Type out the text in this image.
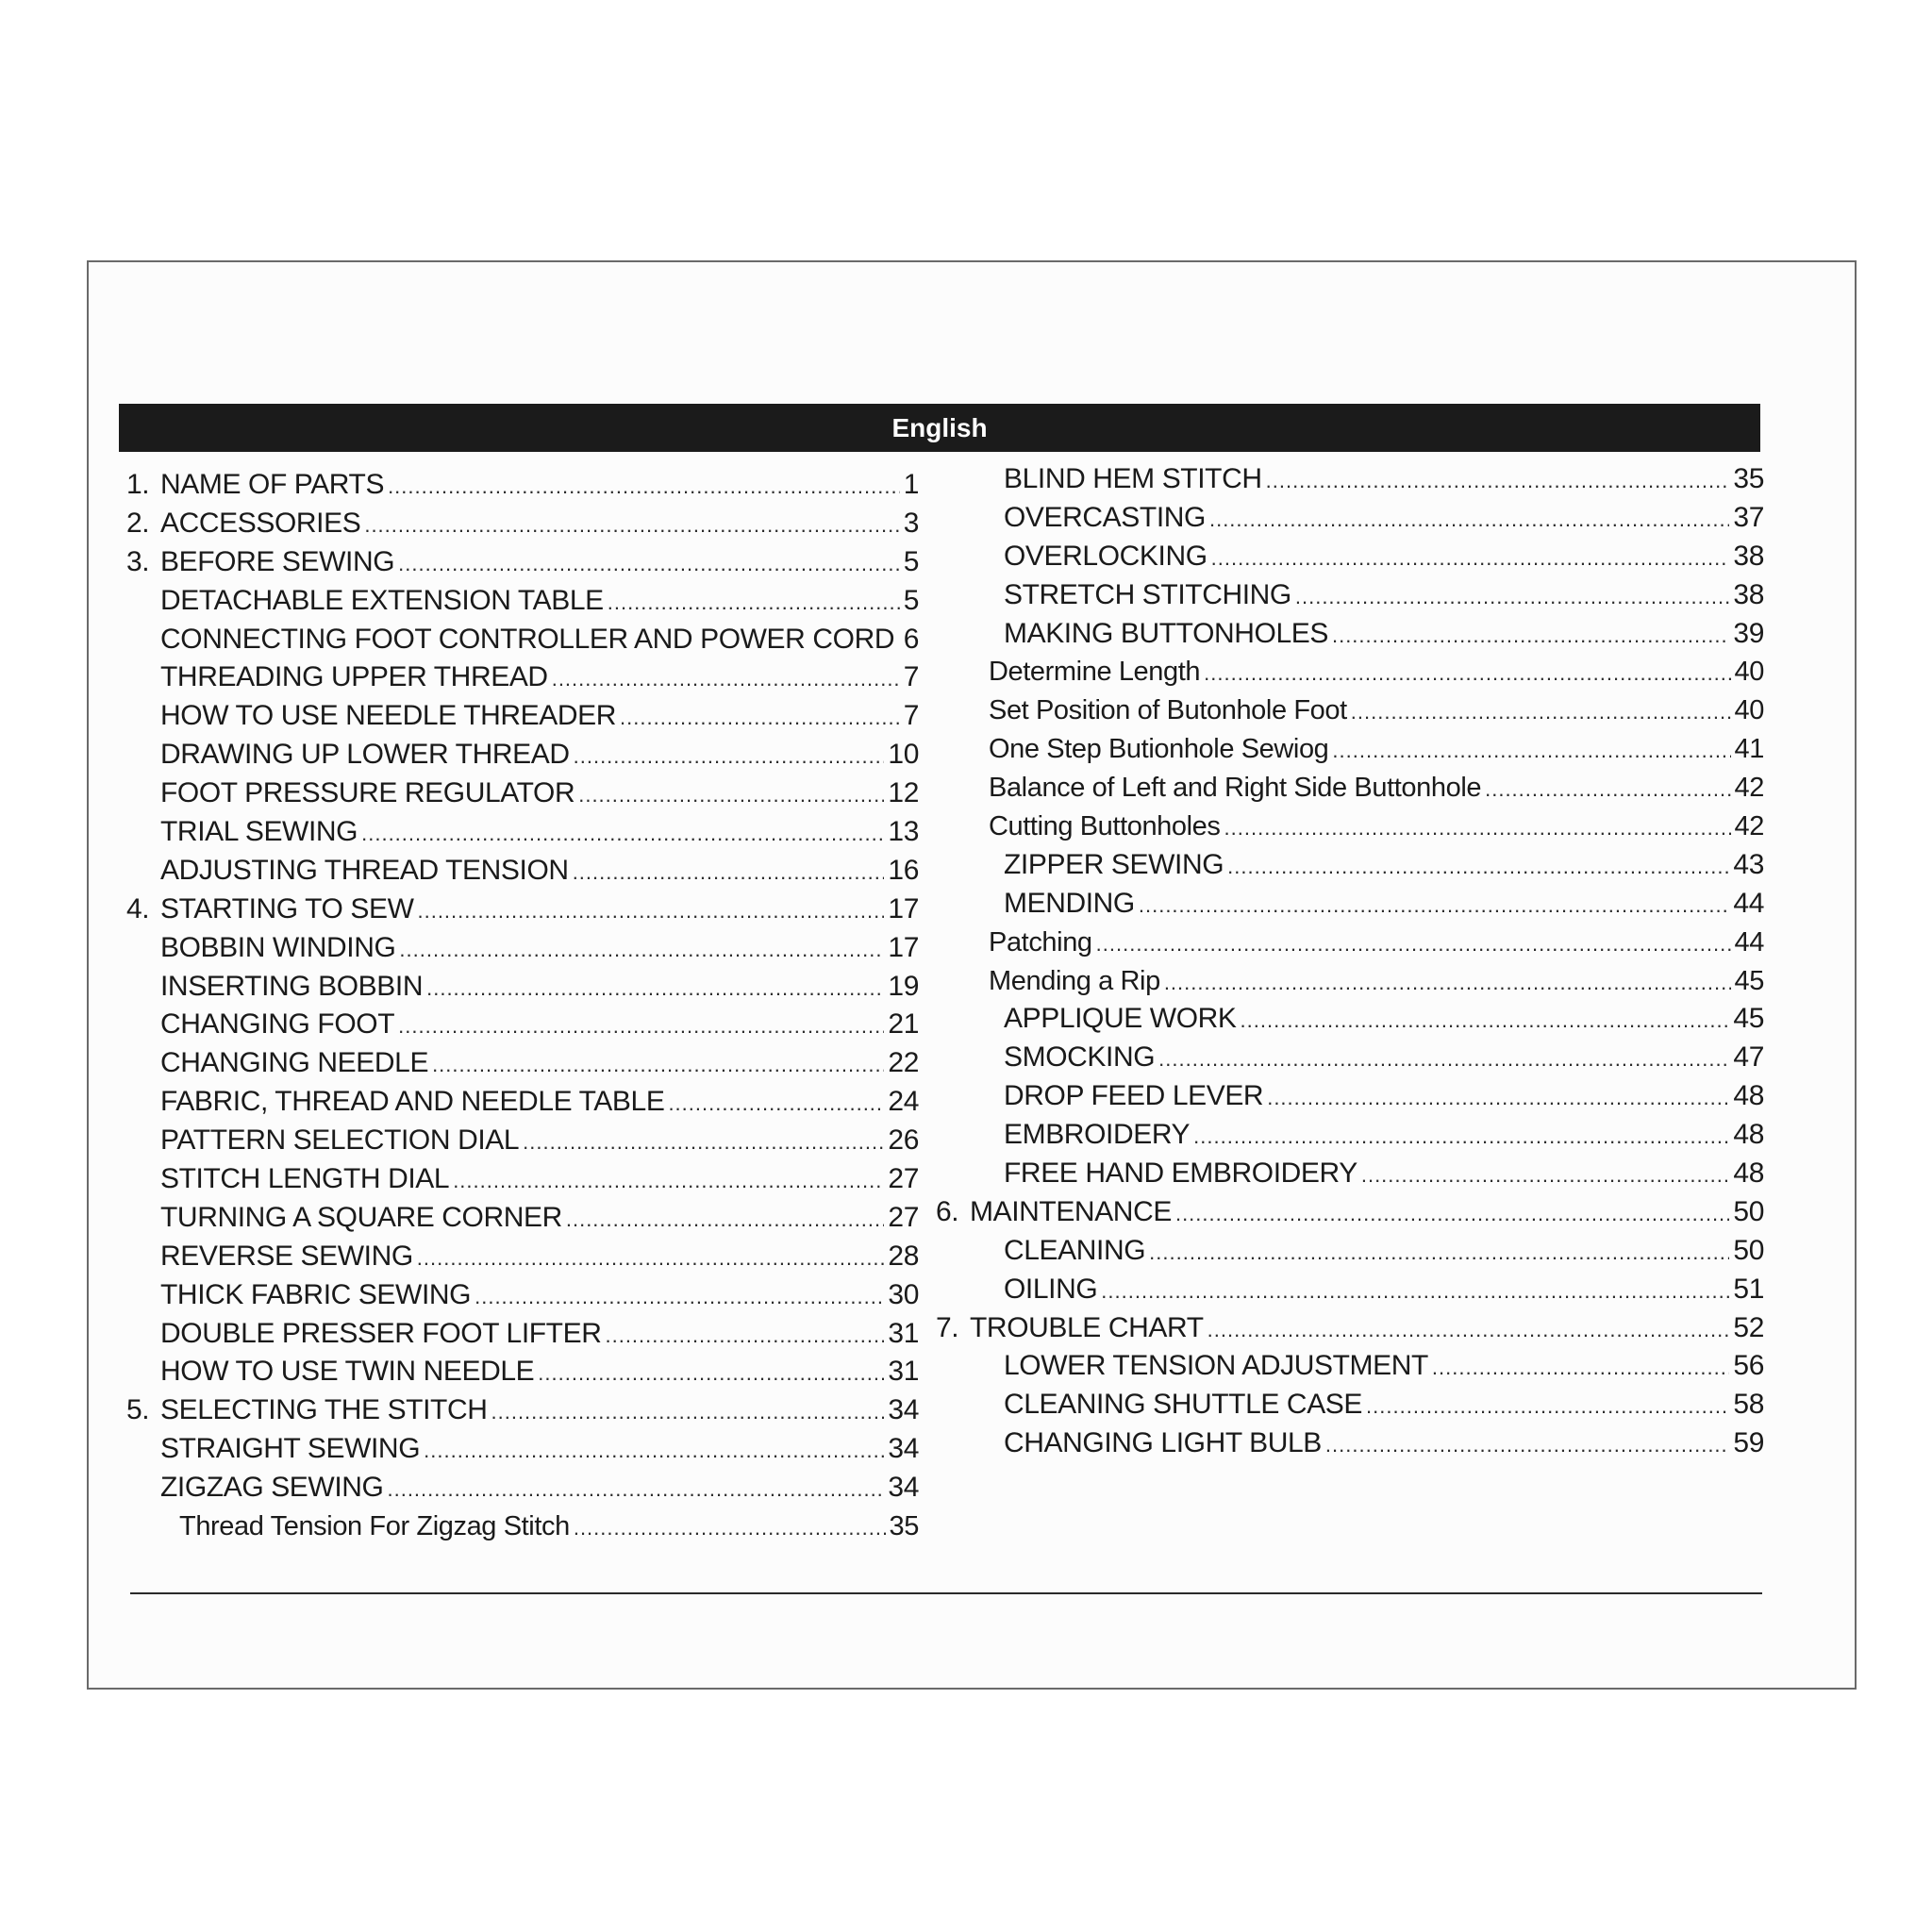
English
1. NAME OF PARTS .....	1
2. ACCESSORIES .....	3
3. BEFORE SEWING .....	5
DETACHABLE EXTENSION TABLE .....	5
CONNECTING FOOT CONTROLLER AND POWER CORD ..... 6
THREADING UPPER THREAD .....	7
HOW TO USE NEEDLE THREADER .....	7
DRAWING UP LOWER THREAD .....	10
FOOT PRESSURE REGULATOR .....	12
TRIAL SEWING .....	13
ADJUSTING THREAD TENSION .....	16
4. STARTING TO SEW .....	17
BOBBIN WINDING .....	17
INSERTING BOBBIN .....	19
CHANGING FOOT .....	21
CHANGING NEEDLE .....	22
FABRIC, THREAD AND NEEDLE TABLE .....	24
PATTERN SELECTION DIAL .....	26
STITCH LENGTH DIAL .....	27
TURNING A SQUARE CORNER .....	27
REVERSE SEWING .....	28
THICK FABRIC SEWING .....	30
DOUBLE PRESSER FOOT LIFTER .....	31
HOW TO USE TWIN NEEDLE .....	31
5. SELECTING THE STITCH .....	34
STRAIGHT SEWING .....	34
ZIGZAG SEWING .....	34
Thread Tension For Zigzag Stitch .....	35
BLIND HEM STITCH .....	35
OVERCASTING .....	37
OVERLOCKING .....	38
STRETCH STITCHING .....	38
MAKING BUTTONHOLES .....	39
Determine Length .....	40
Set Position of Butonhole Foot .....	40
One Step Butionhole Sewiog .....	41
Balance of Left and Right Side Buttonhole .....	42
Cutting Buttonholes .....	42
ZIPPER SEWING .....	43
MENDING .....	44
Patching .....	44
Mending a Rip .....	45
APPLIQUE WORK .....	45
SMOCKING .....	47
DROP FEED LEVER .....	48
EMBROIDERY .....	48
FREE HAND EMBROIDERY .....	48
6. MAINTENANCE .....	50
CLEANING .....	50
OILING .....	51
7. TROUBLE CHART .....	52
LOWER TENSION ADJUSTMENT .....	56
CLEANING SHUTTLE CASE .....	58
CHANGING LIGHT BULB .....	59
